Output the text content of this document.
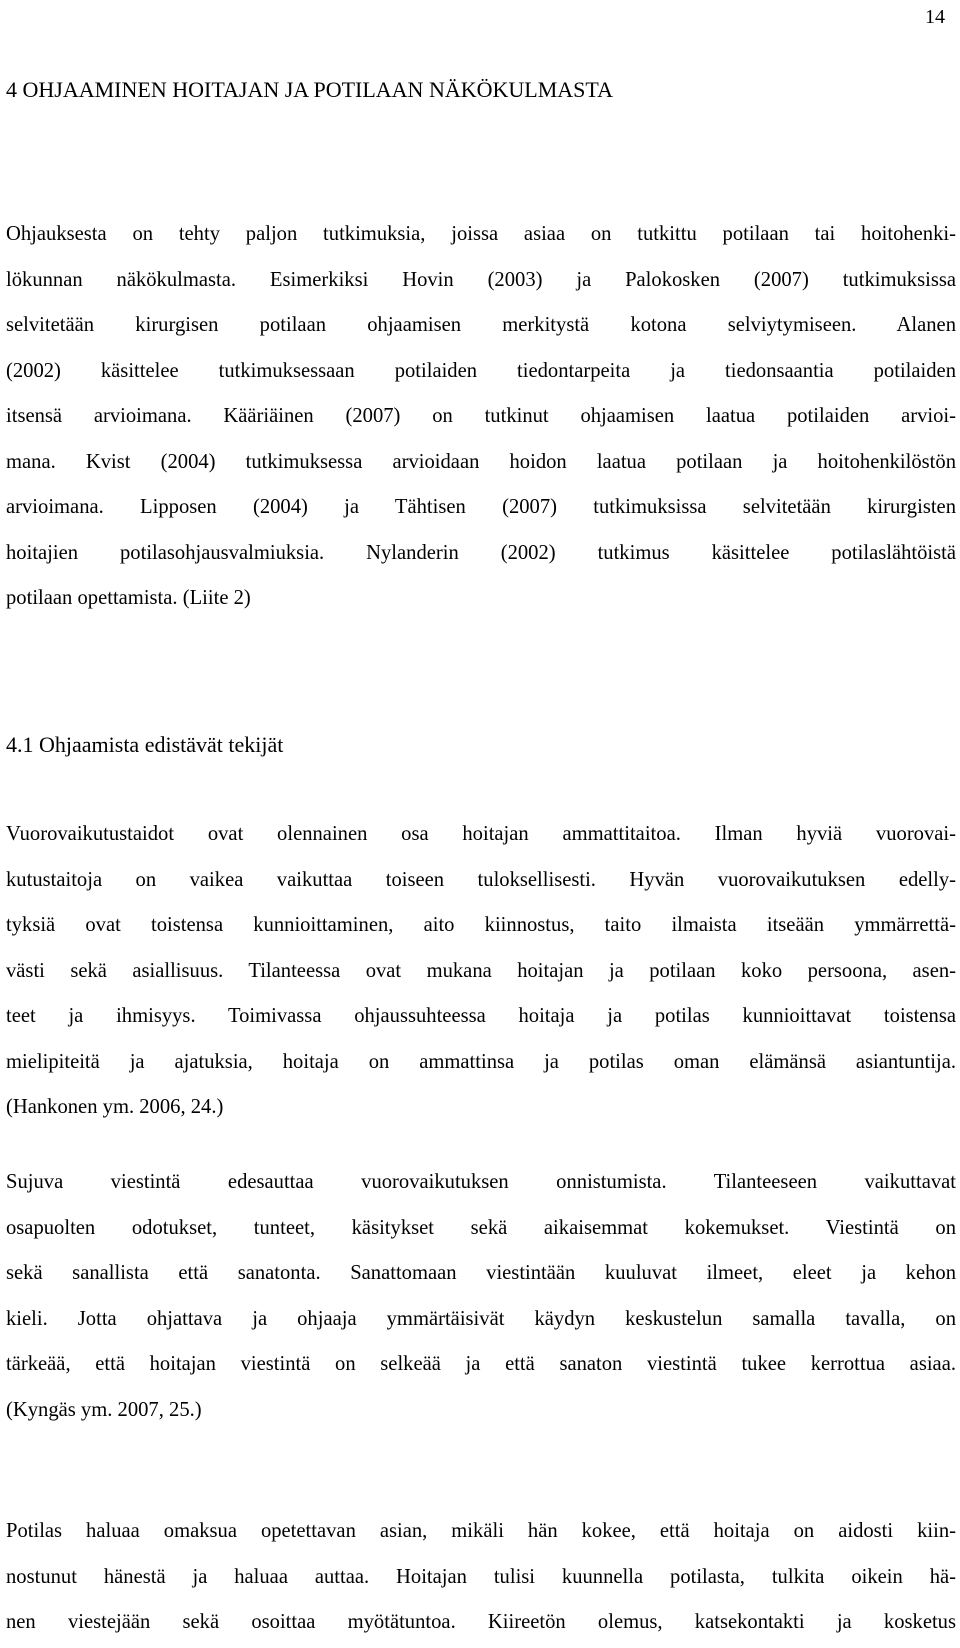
14
4 OHJAAMINEN HOITAJAN JA POTILAAN NÄKÖKULMASTA
Ohjauksesta on tehty paljon tutkimuksia, joissa asiaa on tutkittu potilaan tai hoitohenki-
lökunnan näkökulmasta. Esimerkiksi Hovin (2003) ja Palokosken (2007) tutkimuksissa
selvitetään kirurgisen potilaan ohjaamisen merkitystä kotona selviytymiseen. Alanen
(2002) käsittelee tutkimuksessaan potilaiden tiedontarpeita ja tiedonsaantia potilaiden
itsensä arvioimana. Kääriäinen (2007) on tutkinut ohjaamisen laatua potilaiden arvioi-
mana. Kvist (2004) tutkimuksessa arvioidaan hoidon laatua potilaan ja hoitohenkilöstön
arvioimana. Lipposen (2004) ja Tähtisen (2007) tutkimuksissa selvitetään kirurgisten
hoitajien potilasohjausvalmiuksia. Nylanderin (2002) tutkimus käsittelee potilaslähtöistä
potilaan opettamista. (Liite 2)
4.1 Ohjaamista edistävät tekijät
Vuorovaikutustaidot ovat olennainen osa hoitajan ammattitaitoa. Ilman hyviä vuorovai-
kutustaitoja on vaikea vaikuttaa toiseen tuloksellisesti. Hyvän vuorovaikutuksen edelly-
tyksiä ovat toistensa kunnioittaminen, aito kiinnostus, taito ilmaista itseään ymmärrettä-
västi sekä asiallisuus. Tilanteessa ovat mukana hoitajan ja potilaan koko persoona, asen-
teet ja ihmisyys. Toimivassa ohjaussuhteessa hoitaja ja potilas kunnioittavat toistensa
mielipiteitä ja ajatuksia, hoitaja on ammattinsa ja potilas oman elämänsä asiantuntija.
(Hankonen ym. 2006, 24.)
Sujuva viestintä edesauttaa vuorovaikutuksen onnistumista. Tilanteeseen vaikuttavat
osapuolten odotukset, tunteet, käsitykset sekä aikaisemmat kokemukset. Viestintä on
sekä sanallista että sanatonta. Sanattomaan viestintään kuuluvat ilmeet, eleet ja kehon
kieli. Jotta ohjattava ja ohjaaja ymmärtäisivät käydyn keskustelun samalla tavalla, on
tärkeää, että hoitajan viestintä on selkeää ja että sanaton viestintä tukee kerrottua asiaa.
(Kyngäs ym. 2007, 25.)
Potilas haluaa omaksua opetettavan asian, mikäli hän kokee, että hoitaja on aidosti kiin-
nostunut hänestä ja haluaa auttaa. Hoitajan tulisi kuunnella potilasta, tulkita oikein hä-
nen viestejään sekä osoittaa myötätuntoa. Kiireetön olemus, katsekontakti ja kosketus
